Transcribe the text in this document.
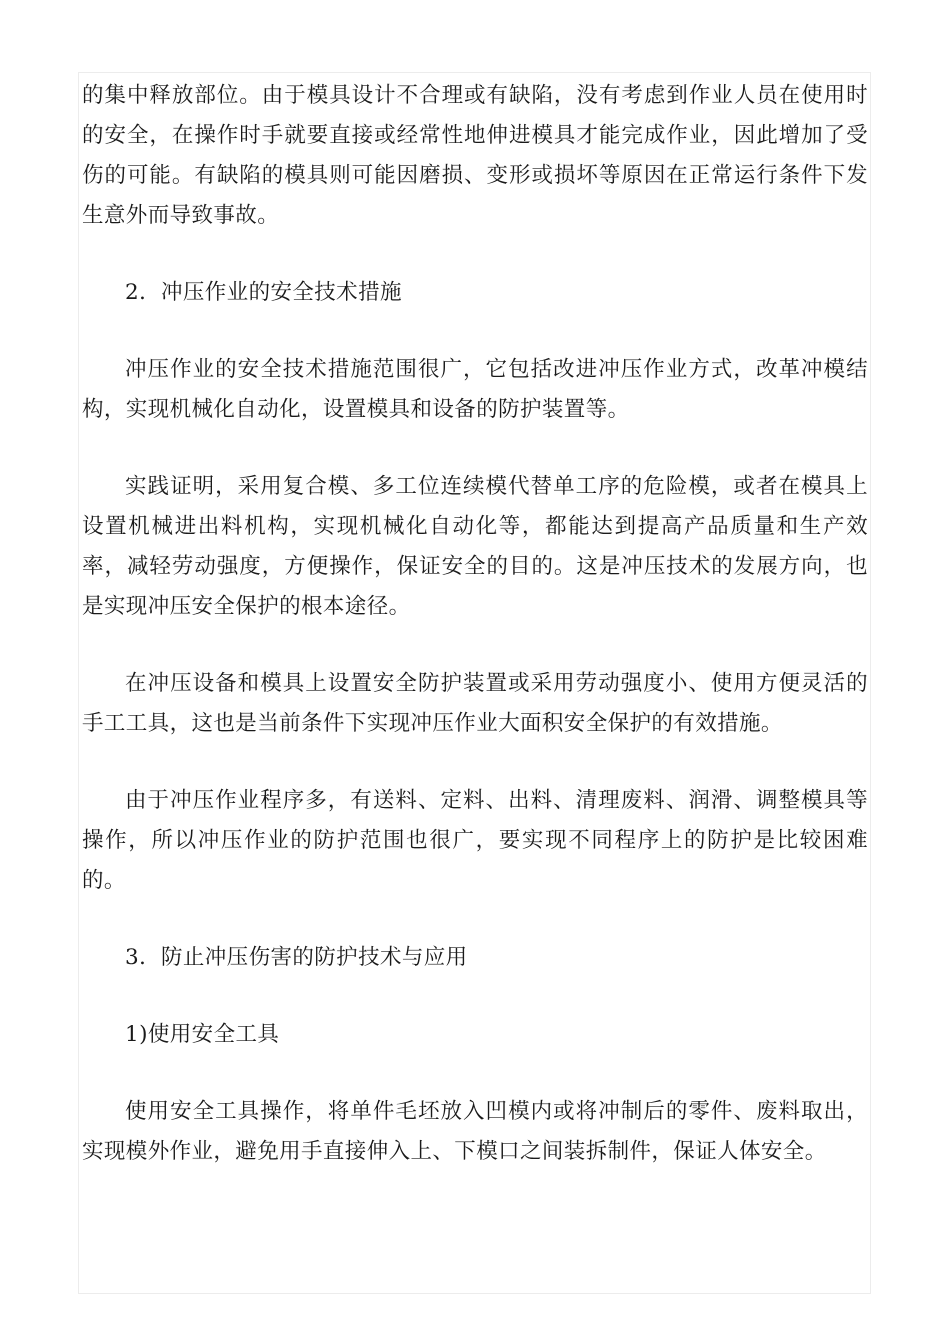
的集中释放部位。由于模具设计不合理或有缺陷，没有考虑到作业人员在使用时的安全，在操作时手就要直接或经常性地伸进模具才能完成作业，因此增加了受伤的可能。有缺陷的模具则可能因磨损、变形或损坏等原因在正常运行条件下发生意外而导致事故。

2．冲压作业的安全技术措施

冲压作业的安全技术措施范围很广，它包括改进冲压作业方式，改革冲模结构，实现机械化自动化，设置模具和设备的防护装置等。

实践证明，采用复合模、多工位连续模代替单工序的危险模，或者在模具上设置机械进出料机构，实现机械化自动化等，都能达到提高产品质量和生产效率，减轻劳动强度，方便操作，保证安全的目的。这是冲压技术的发展方向，也是实现冲压安全保护的根本途径。

在冲压设备和模具上设置安全防护装置或采用劳动强度小、使用方便灵活的手工工具，这也是当前条件下实现冲压作业大面积安全保护的有效措施。

由于冲压作业程序多，有送料、定料、出料、清理废料、润滑、调整模具等操作，所以冲压作业的防护范围也很广，要实现不同程序上的防护是比较困难的。

3．防止冲压伤害的防护技术与应用

1)使用安全工具

使用安全工具操作，将单件毛坯放入凹模内或将冲制后的零件、废料取出，实现模外作业，避免用手直接伸入上、下模口之间装拆制件，保证人体安全。
